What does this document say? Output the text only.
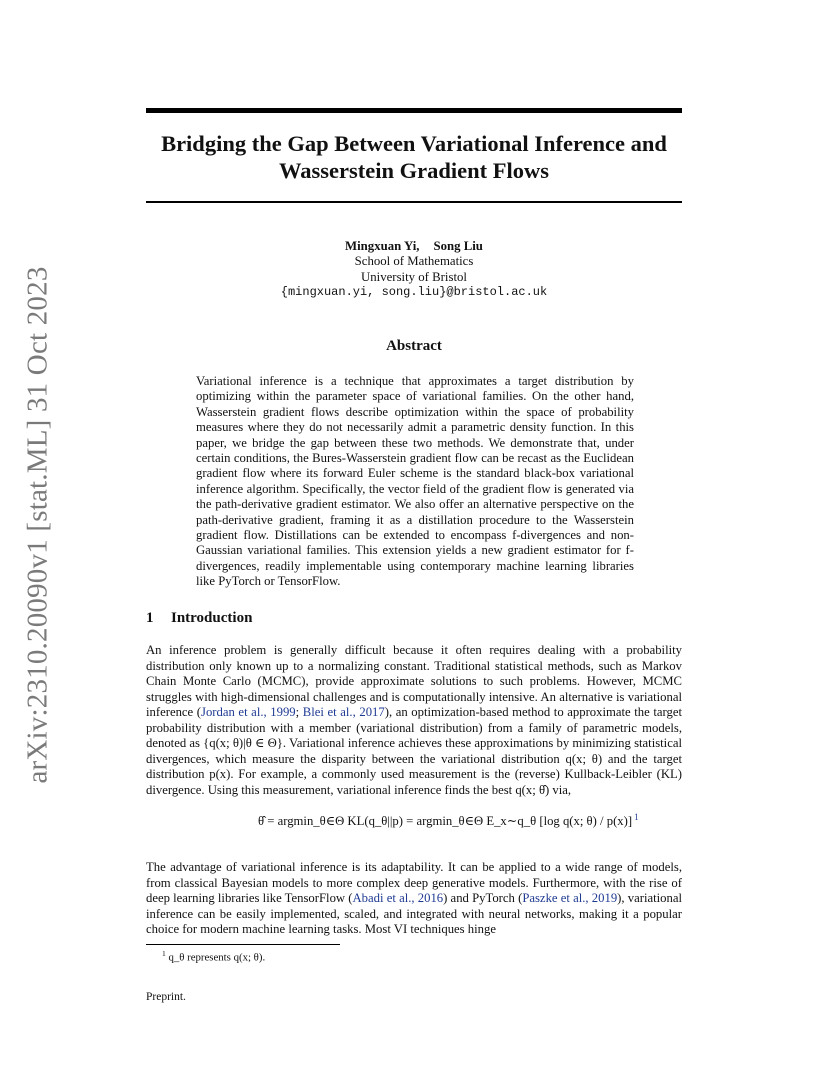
arXiv:2310.20090v1 [stat.ML] 31 Oct 2023
Bridging the Gap Between Variational Inference and Wasserstein Gradient Flows
Mingxuan Yi, Song Liu
School of Mathematics
University of Bristol
{mingxuan.yi, song.liu}@bristol.ac.uk
Abstract

Variational inference is a technique that approximates a target distribution by optimizing within the parameter space of variational families. On the other hand, Wasserstein gradient flows describe optimization within the space of probability measures where they do not necessarily admit a parametric density function. In this paper, we bridge the gap between these two methods. We demonstrate that, under certain conditions, the Bures-Wasserstein gradient flow can be recast as the Euclidean gradient flow where its forward Euler scheme is the standard black-box variational inference algorithm. Specifically, the vector field of the gradient flow is generated via the path-derivative gradient estimator. We also offer an alternative perspective on the path-derivative gradient, framing it as a distillation procedure to the Wasserstein gradient flow. Distillations can be extended to encompass f-divergences and non-Gaussian variational families. This extension yields a new gradient estimator for f-divergences, readily implementable using contemporary machine learning libraries like PyTorch or TensorFlow.

1 Introduction

An inference problem is generally difficult because it often requires dealing with a probability distribution only known up to a normalizing constant. Traditional statistical methods, such as Markov Chain Monte Carlo (MCMC), provide approximate solutions to such problems. However, MCMC struggles with high-dimensional challenges and is computationally intensive. An alternative is variational inference (Jordan et al., 1999; Blei et al., 2017), an optimization-based method to approximate the target probability distribution with a member (variational distribution) from a family of parametric models, denoted as {q(x; θ)|θ ∈ Θ}. Variational inference achieves these approximations by minimizing statistical divergences, which measure the disparity between the variational distribution q(x; θ) and the target distribution p(x). For example, a commonly used measurement is the (reverse) Kullback-Leibler (KL) divergence. Using this measurement, variational inference finds the best q(x; θ̂) via,

θ̂ = argmin_θ∈Θ KL(q_θ||p) = argmin_θ∈Θ E_x∼q_θ [log q(x; θ) / p(x)] $^1$

The advantage of variational inference is its adaptability. It can be applied to a wide range of models, from classical Bayesian models to more complex deep generative models. Furthermore, with the rise of deep learning libraries like TensorFlow (Abadi et al., 2016) and PyTorch (Paszke et al., 2019), variational inference can be easily implemented, scaled, and integrated with neural networks, making it a popular choice for modern machine learning tasks. Most VI techniques hinge

$^1$ q_θ represents q(x; θ).
Preprint.
